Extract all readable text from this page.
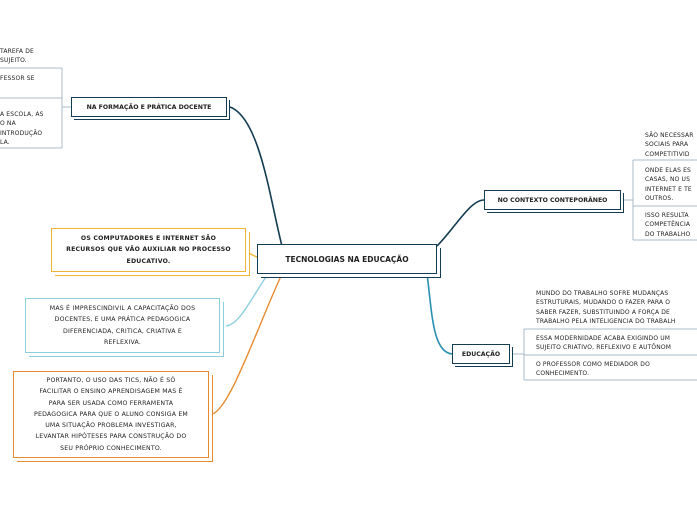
TECNOLOGIAS NA EDUCAÇÃO
NA FORMAÇÃO E PRÁTICA DOCENTE
NO CONTEXTO CONTEPORÂNEO
EDUCAÇÃO
OS COMPUTADORES E INTERNET SÃO
RECURSOS QUE VÃO AUXILIAR NO PROCESSO
EDUCATIVO.
MAS É IMPRESCINDIVIL A CAPACITAÇÃO DOS
DOCENTES, E UMA PRÁTICA PEDAGOGICA
DIFERENCIADA, CRITICA, CRIATIVA E
REFLEXIVA.
PORTANTO, O USO DAS TICS, NÃO É SÓ
FACILITAR O ENSINO APRENDISAGEM MAS É
PARA SER USADA COMO FERRAMENTA
PEDAGOGICA PARA QUE O ALUNO CONSIGA EM
UMA SITUAÇÃO PROBLEMA INVESTIGAR,
LEVANTAR HIPÓTESES PARA CONSTRUÇÃO DO
SEU PRÓPRIO CONHECIMENTO.
TAREFA DE
SUJEITO.
FESSOR SE
A ESCOLA, AS
O NA
INTRODUÇÃO
LA.
SÃO NECESSAR
SOCIAIS PARA
COMPETITIVID
ONDE ELAS ES
CASAS, NO US
INTERNET E TE
OUTROS.
ISSO RESULTA
COMPETÊNCIA
DO TRABALHO
MUNDO DO TRABALHO SOFRE MUDANÇAS
ESTRUTURAIS, MUDANDO O FAZER PARA O
SABER FAZER, SUBSTITUINDO A FORÇA DE
TRABALHO PELA INTELIGENCIA DO TRABALH
ESSA MODERNIDADE ACABA EXIGINDO UM
SUJEITO CRIATIVO, REFLEXIVO E AUTÔNOM
O PROFESSOR COMO MEDIADOR DO
CONHECIMENTO.
